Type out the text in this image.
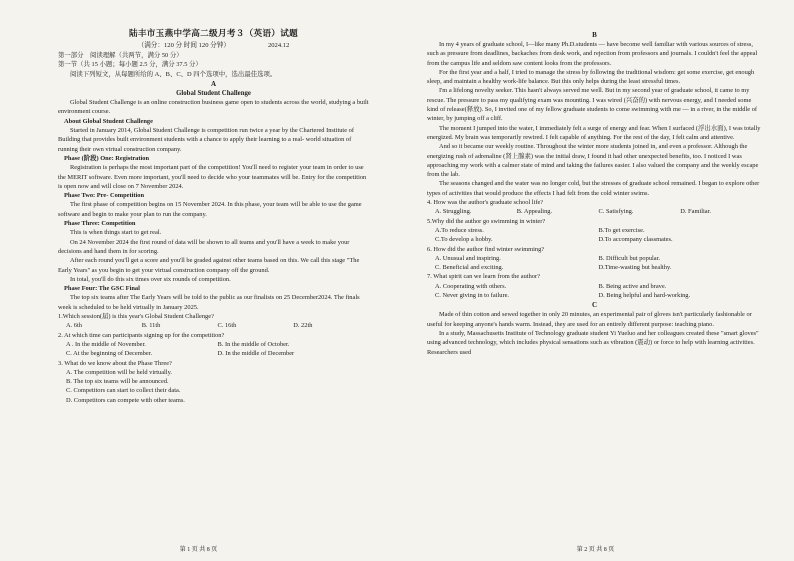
陆丰市玉燕中学高二级月考３（英语）试题
（满分：120 分 时间 120 分钟）	2024.12

第一部分　阅读理解（共两节，满分 50 分）

第一节（共 15 小题；每小题 2.5 分，满分 37.5 分）

阅读下列短文，从每题所给的 A、B、C、D 四个选项中，选出最佳选项。

A
Global Student Challenge

Global Student Challenge is an online construction business game open to students across the world, studying a built environment course.

About Global Student Challenge

Started in January 2014, Global Student Challenge is competition run twice a year by the Chartered Institute of Building that provides built environment students with a chance to apply their learning to a real- world situation of running their own virtual construction company.

Phase (阶段) One: Registration

Registration is perhaps the most important part of the competition! You'll need to register your team in order to use the MERIT software. Even more important, you'll need to decide who your teammates will be. Entry for the competition is open now and will close on 7 November 2024.

Phase Two: Pre- Competition

The first phase of competition begins on 15 November 2024. In this phase, your team will be able to use the game software and begin to make your plan to run the company.

Phase Three: Competition

This is when things start to get real.

On 24 November 2024 the first round of data will be shown to all teams and you'll have a week to make your decisions and hand them in for scoring.

After each round you'll get a score and you'll be graded against other teams based on this. We call this stage "The Early Years" as you begin to get your virtual construction company off the ground.

In total, you'll do this six times over six rounds of competition.

Phase Four: The GSC Final

The top six teams after The Early Years will be told to the public as our finalists on 25 December2024. The finals week is scheduled to be held virtually in January 2025.

1.Which session(届) is this year's Global Student Challenge?

A. 6th	B. 11th	C. 16th	D. 22th

2. At which time can participants signing up for the competition?

A . In the middle of November.	B. In the middle of October.
C. At the beginning of December.	D. In the middle of December

3. What do we know about the Phase Three?

A. The competition will be held virtually.

B. The top six teams will be announced.

C. Competitors can start to collect their data.

D. Competitors can compete with other teams.

第 1 页 共 8 页
B

In my 4 years of graduate school, I—like many Ph.D.students — have become well familiar with various sources of stress, such as pressure from deadlines, backaches from desk work, and rejection from professors and journals. I couldn't feel the appeal from the campus life and seldom saw content looks from the professors.

For the first year and a half, I tried to manage the stress by following the traditional wisdom: get some exercise, get enough sleep, and maintain a healthy work-life balance. But this only helps during the least stressful times.

I'm a lifelong novelty seeker. This hasn't always served me well. But in my second year of graduate school, it came to my rescue. The pressure to pass my qualifying exam was mounting. I was wired (兴奋的) with nervous energy, and I needed some kind of release(释放). So, I invited one of my fellow graduate students to come swimming with me — in a river, in the middle of winter, by jumping off a cliff.

The moment I jumped into the water, I immediately felt a surge of energy and fear. When I surfaced (浮出水面), I was totally energized. My brain was temporarily rewired. I felt capable of anything. For the rest of the day, I felt calm and attentive.

And so it became our weekly routine. Throughout the winter more students joined in, and even a professor. Although the energizing rush of adrenaline (肾上腺素) was the initial draw, I found it had other unexpected benefits, too. I noticed I was approaching my work with a calmer state of mind and taking the failures easier. I also valued the company and the weekly escape from the lab.

The seasons changed and the water was no longer cold, but the stresses of graduate school remained. I began to explore other types of activities that would produce the effects I had felt from the cold winter swims.

4. How was the author's graduate school life?

A. Struggling.	B. Appealing.	C. Satisfying.	D. Familiar.

5.Why did the author go swimming in winter?

A.To reduce stress.	B.To get exercise.
C.To develop a hobby.	D.To accompany classmates.

6. How did the author find winter swimming?

A. Unusual and inspiring.	B. Difficult but popular.
C. Beneficial and exciting.	D.Time-wasting but healthy.

7. What spirit can we learn from the author?

A. Cooperating with others.	B. Being active and brave.
C. Never giving in to failure.	D. Being helpful and hard-working.
C

Made of thin cotton and sewed together in only 20 minutes, an experimental pair of gloves isn't particularly fashionable or useful for keeping anyone's hands warm. Instead, they are used for an entirely different purpose: teaching piano.

In a study, Massachusetts Institute of Technology graduate student Yi Yueluo and her colleagues created these "smart gloves" using advanced technology, which includes physical sensations such as vibration (震动) or force to help with learning activities. Researchers used

第 2 页 共 8 页
